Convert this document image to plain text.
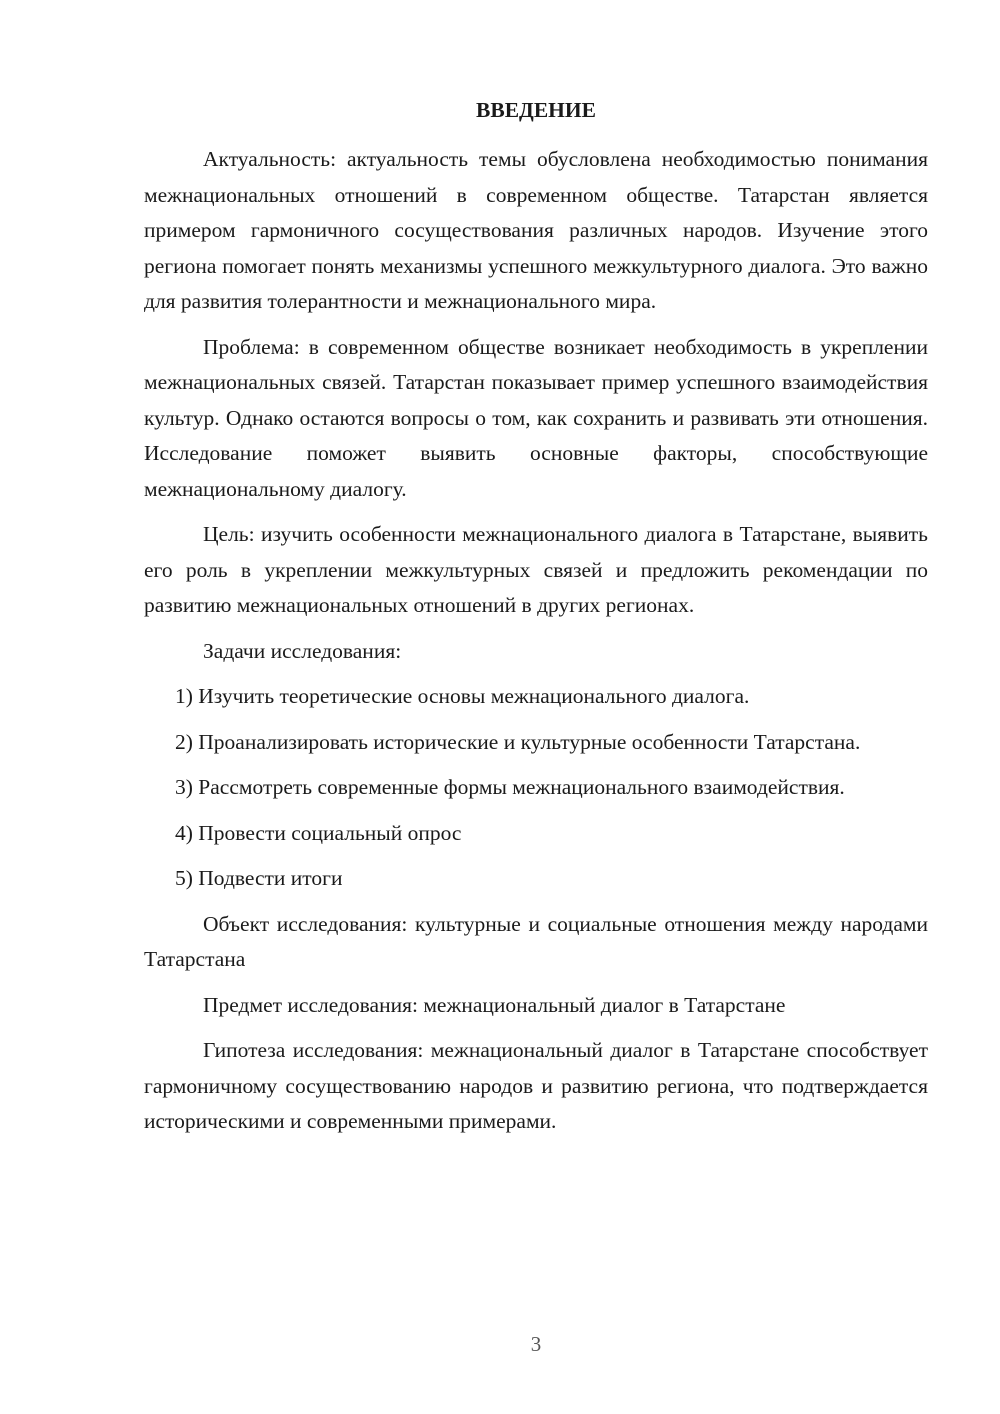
ВВЕДЕНИЕ

Актуальность: актуальность темы обусловлена необходимостью понимания межнациональных отношений в современном обществе. Татарстан является примером гармоничного сосуществования различных народов. Изучение этого региона помогает понять механизмы успешного межкультурного диалога. Это важно для развития толерантности и межнационального мира.

Проблема: в современном обществе возникает необходимость в укреплении межнациональных связей. Татарстан показывает пример успешного взаимодействия культур. Однако остаются вопросы о том, как сохранить и развивать эти отношения. Исследование поможет выявить основные факторы, способствующие межнациональному диалогу.

Цель: изучить особенности межнационального диалога в Татарстане, выявить его роль в укреплении межкультурных связей и предложить рекомендации по развитию межнациональных отношений в других регионах.

Задачи исследования:

1) Изучить теоретические основы межнационального диалога.

2) Проанализировать исторические и культурные особенности Татарстана.

3) Рассмотреть современные формы межнационального взаимодействия.

4) Провести социальный опрос

5) Подвести итоги

Объект исследования: культурные и социальные отношения между народами Татарстана

Предмет исследования: межнациональный диалог в Татарстане

Гипотеза исследования: межнациональный диалог в Татарстане способствует гармоничному сосуществованию народов и развитию региона, что подтверждается историческими и современными примерами.

3
